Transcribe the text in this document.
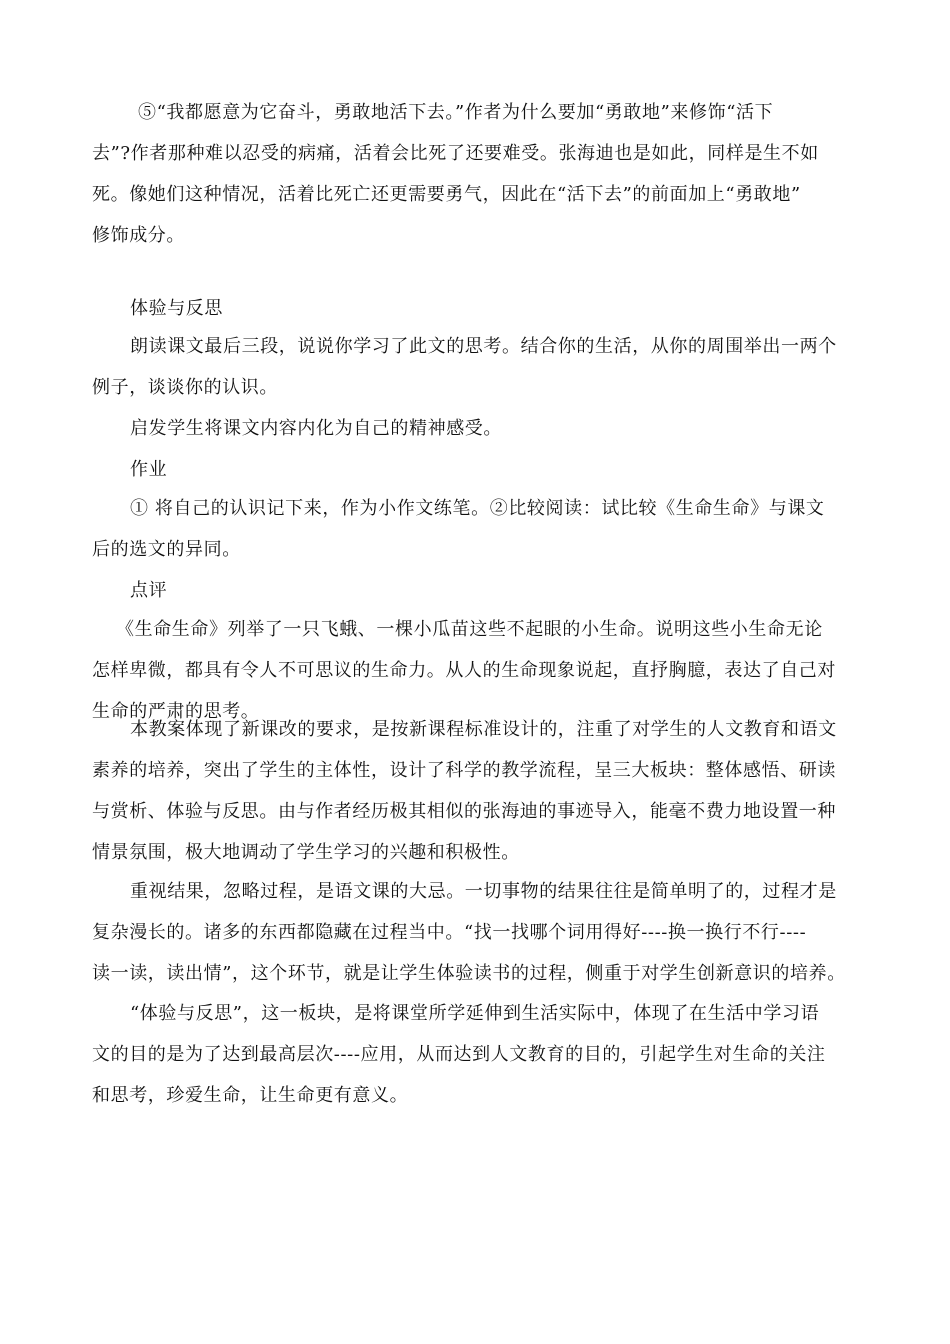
⑤“我都愿意为它奋斗，勇敢地活下去。”作者为什么要加“勇敢地”来修饰“活下
去”?作者那种难以忍受的病痛，活着会比死了还要难受。张海迪也是如此，同样是生不如
死。像她们这种情况，活着比死亡还更需要勇气，因此在“活下去”的前面加上“勇敢地”
修饰成分。
体验与反思
朗读课文最后三段，说说你学习了此文的思考。结合你的生活，从你的周围举出一两个
例子，谈谈你的认识。
启发学生将课文内容内化为自己的精神感受。
作业
① 将自己的认识记下来，作为小作文练笔。②比较阅读：试比较《生命生命》与课文
后的选文的异同。
点评
《生命生命》列举了一只飞蛾、一棵小瓜苗这些不起眼的小生命。说明这些小生命无论
怎样卑微，都具有令人不可思议的生命力。从人的生命现象说起，直抒胸臆，表达了自己对
生命的严肃的思考。
本教案体现了新课改的要求，是按新课程标准设计的，注重了对学生的人文教育和语文
素养的培养，突出了学生的主体性，设计了科学的教学流程，呈三大板块：整体感悟、研读
与赏析、体验与反思。由与作者经历极其相似的张海迪的事迹导入，能毫不费力地设置一种
情景氛围，极大地调动了学生学习的兴趣和积极性。
重视结果，忽略过程，是语文课的大忌。一切事物的结果往往是简单明了的，过程才是
复杂漫长的。诸多的东西都隐藏在过程当中。“找一找哪个词用得好----换一换行不行----
读一读，读出情”，这个环节，就是让学生体验读书的过程，侧重于对学生创新意识的培养。
“体验与反思”，这一板块，是将课堂所学延伸到生活实际中，体现了在生活中学习语
文的目的是为了达到最高层次----应用，从而达到人文教育的目的，引起学生对生命的关注
和思考，珍爱生命，让生命更有意义。
